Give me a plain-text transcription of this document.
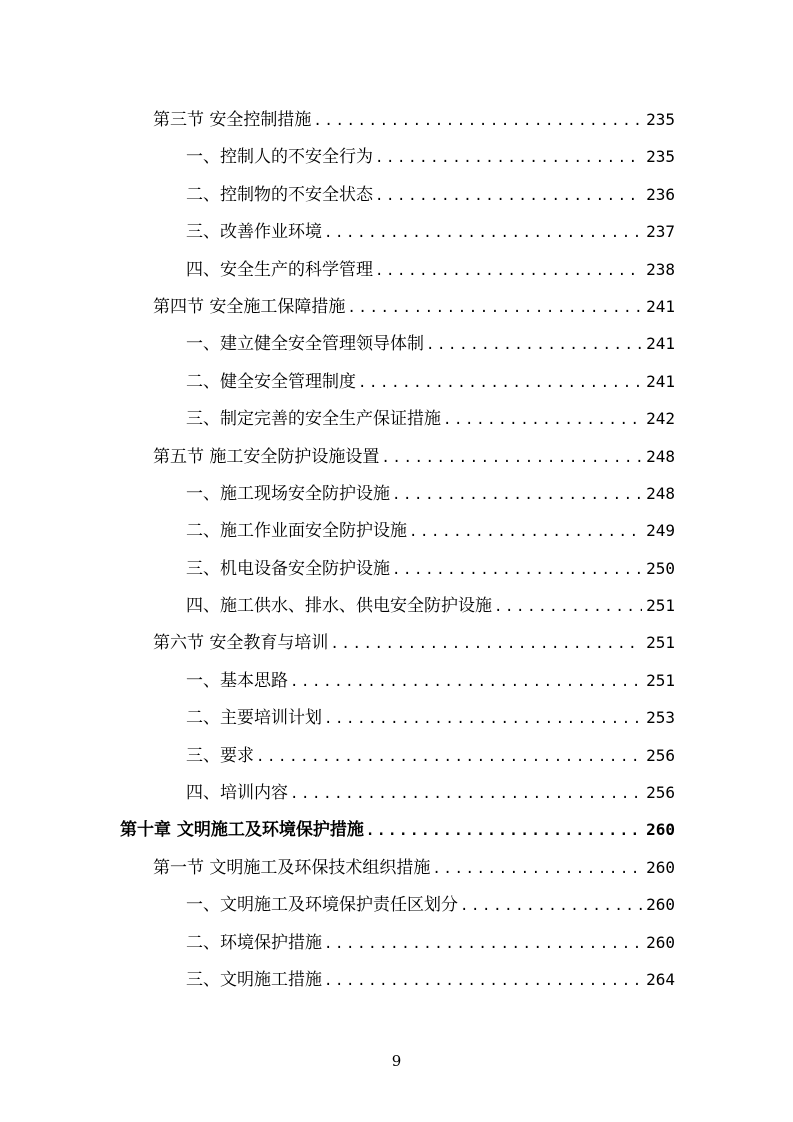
第三节 安全控制措施 .....	235
一、控制人的不安全行为 .....	235
二、控制物的不安全状态 .....	236
三、改善作业环境 .....	237
四、安全生产的科学管理 .....	238
第四节 安全施工保障措施 .....	241
一、建立健全安全管理领导体制 .....	241
二、健全安全管理制度 .....	241
三、制定完善的安全生产保证措施 .....	242
第五节 施工安全防护设施设置 .....	248
一、施工现场安全防护设施 .....	248
二、施工作业面安全防护设施 .....	249
三、机电设备安全防护设施 .....	250
四、施工供水、排水、供电安全防护设施 .....	251
第六节 安全教育与培训 .....	251
一、基本思路 .....	251
二、主要培训计划 .....	253
三、要求 .....	256
四、培训内容 .....	256
第十章 文明施工及环境保护措施 .....	260
第一节 文明施工及环保技术组织措施 .....	260
一、文明施工及环境保护责任区划分 .....	260
二、环境保护措施 .....	260
三、文明施工措施 .....	264
9
